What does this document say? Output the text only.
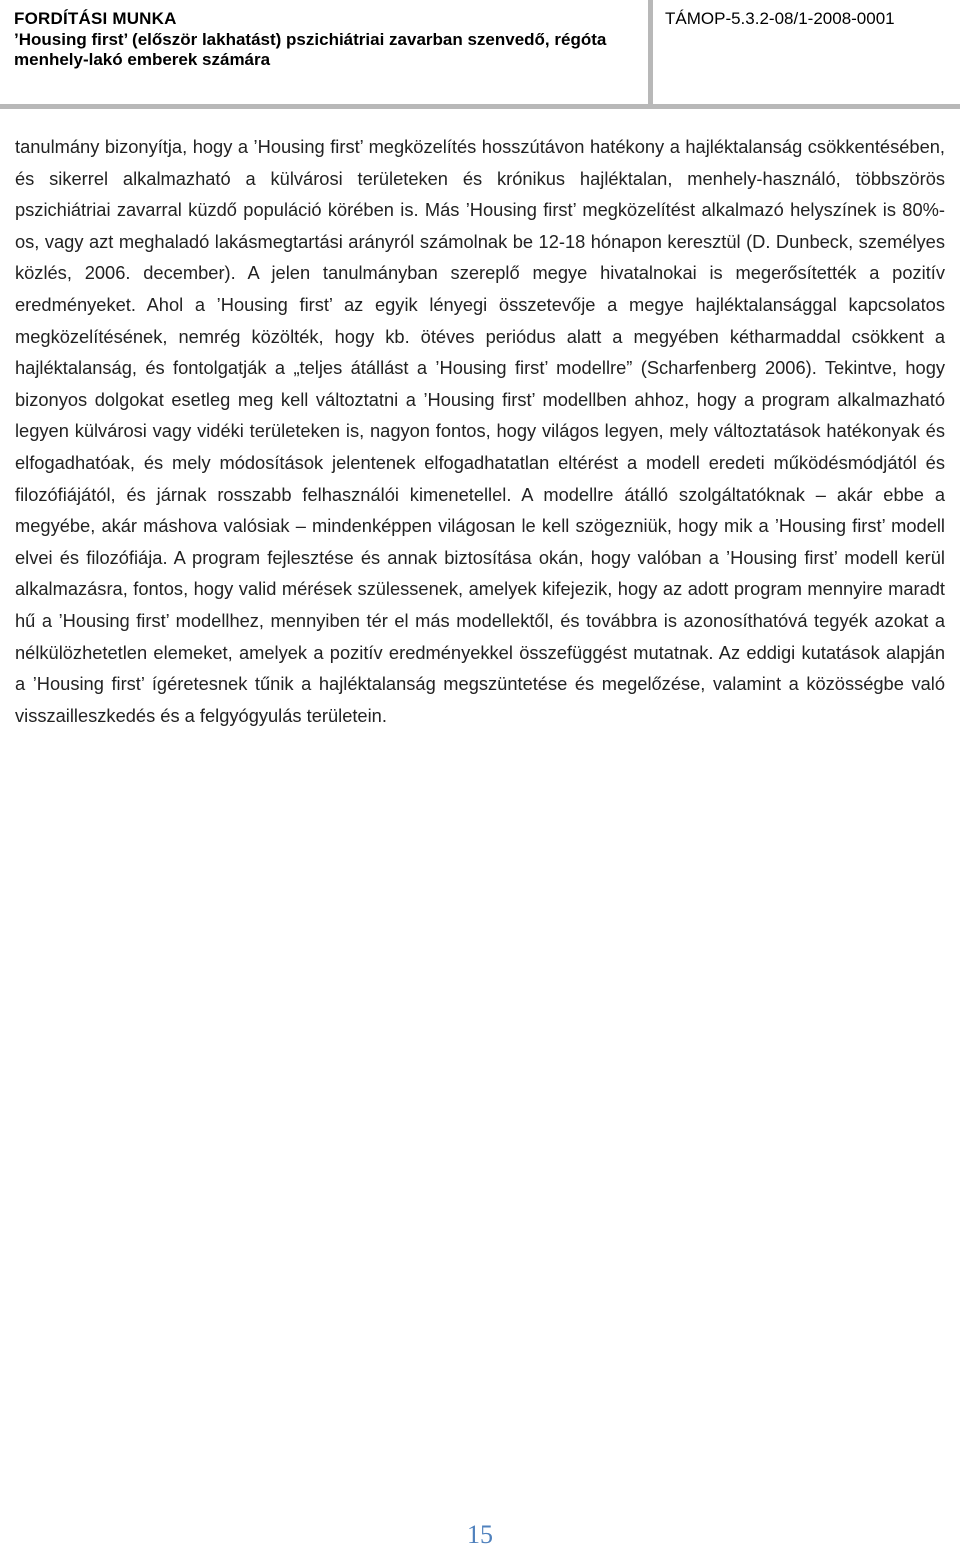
FORDÍTÁSI MUNKA
’Housing first’ (először lakhatást) pszichiátriai zavarban szenvedő, régóta menhely-lakó emberek számára
TÁMOP-5.3.2-08/1-2008-0001
tanulmány bizonyítja, hogy a ’Housing first’ megközelítés hosszútávon hatékony a hajléktalanság csökkentésében, és sikerrel alkalmazható a külvárosi területeken és krónikus hajléktalan, menhely-használó, többszörös pszichiátriai zavarral küzdő populáció körében is. Más ’Housing first’ megközelítést alkalmazó helyszínek is 80%-os, vagy azt meghaladó lakásmegtartási arányról számolnak be 12-18 hónapon keresztül (D. Dunbeck, személyes közlés, 2006. december). A jelen tanulmányban szereplő megye hivatalnokai is megerősítették a pozitív eredményeket. Ahol a ’Housing first’ az egyik lényegi összetevője a megye hajléktalansággal kapcsolatos megközelítésének, nemrég közölték, hogy kb. ötéves periódus alatt a megyében kétharmaddal csökkent a hajléktalanság, és fontolgatják a „teljes átállást a ’Housing first’ modellre” (Scharfenberg 2006). Tekintve, hogy bizonyos dolgokat esetleg meg kell változtatni a ’Housing first’ modellben ahhoz, hogy a program alkalmazható legyen külvárosi vagy vidéki területeken is, nagyon fontos, hogy világos legyen, mely változtatások hatékonyak és elfogadhatóak, és mely módosítások jelentenek elfogadhatatlan eltérést a modell eredeti működésmódjától és filozófiájától, és járnak rosszabb felhasználói kimenetellel. A modellre átálló szolgáltatóknak – akár ebbe a megyébe, akár máshova valósiak – mindenképpen világosan le kell szögezniük, hogy mik a ’Housing first’ modell elvei és filozófiája. A program fejlesztése és annak biztosítása okán, hogy valóban a ’Housing first’ modell kerül alkalmazásra, fontos, hogy valid mérések szülessenek, amelyek kifejezik, hogy az adott program mennyire maradt hű a ’Housing first’ modellhez, mennyiben tér el más modellektől, és továbbra is azonosíthatóvá tegyék azokat a nélkülözhetetlen elemeket, amelyek a pozitív eredményekkel összefüggést mutatnak. Az eddigi kutatások alapján a ’Housing first’ ígéretesnek tűnik a hajléktalanság megszüntetése és megelőzése, valamint a közösségbe való visszailleszkedés és a felgyógyulás területein.
15
